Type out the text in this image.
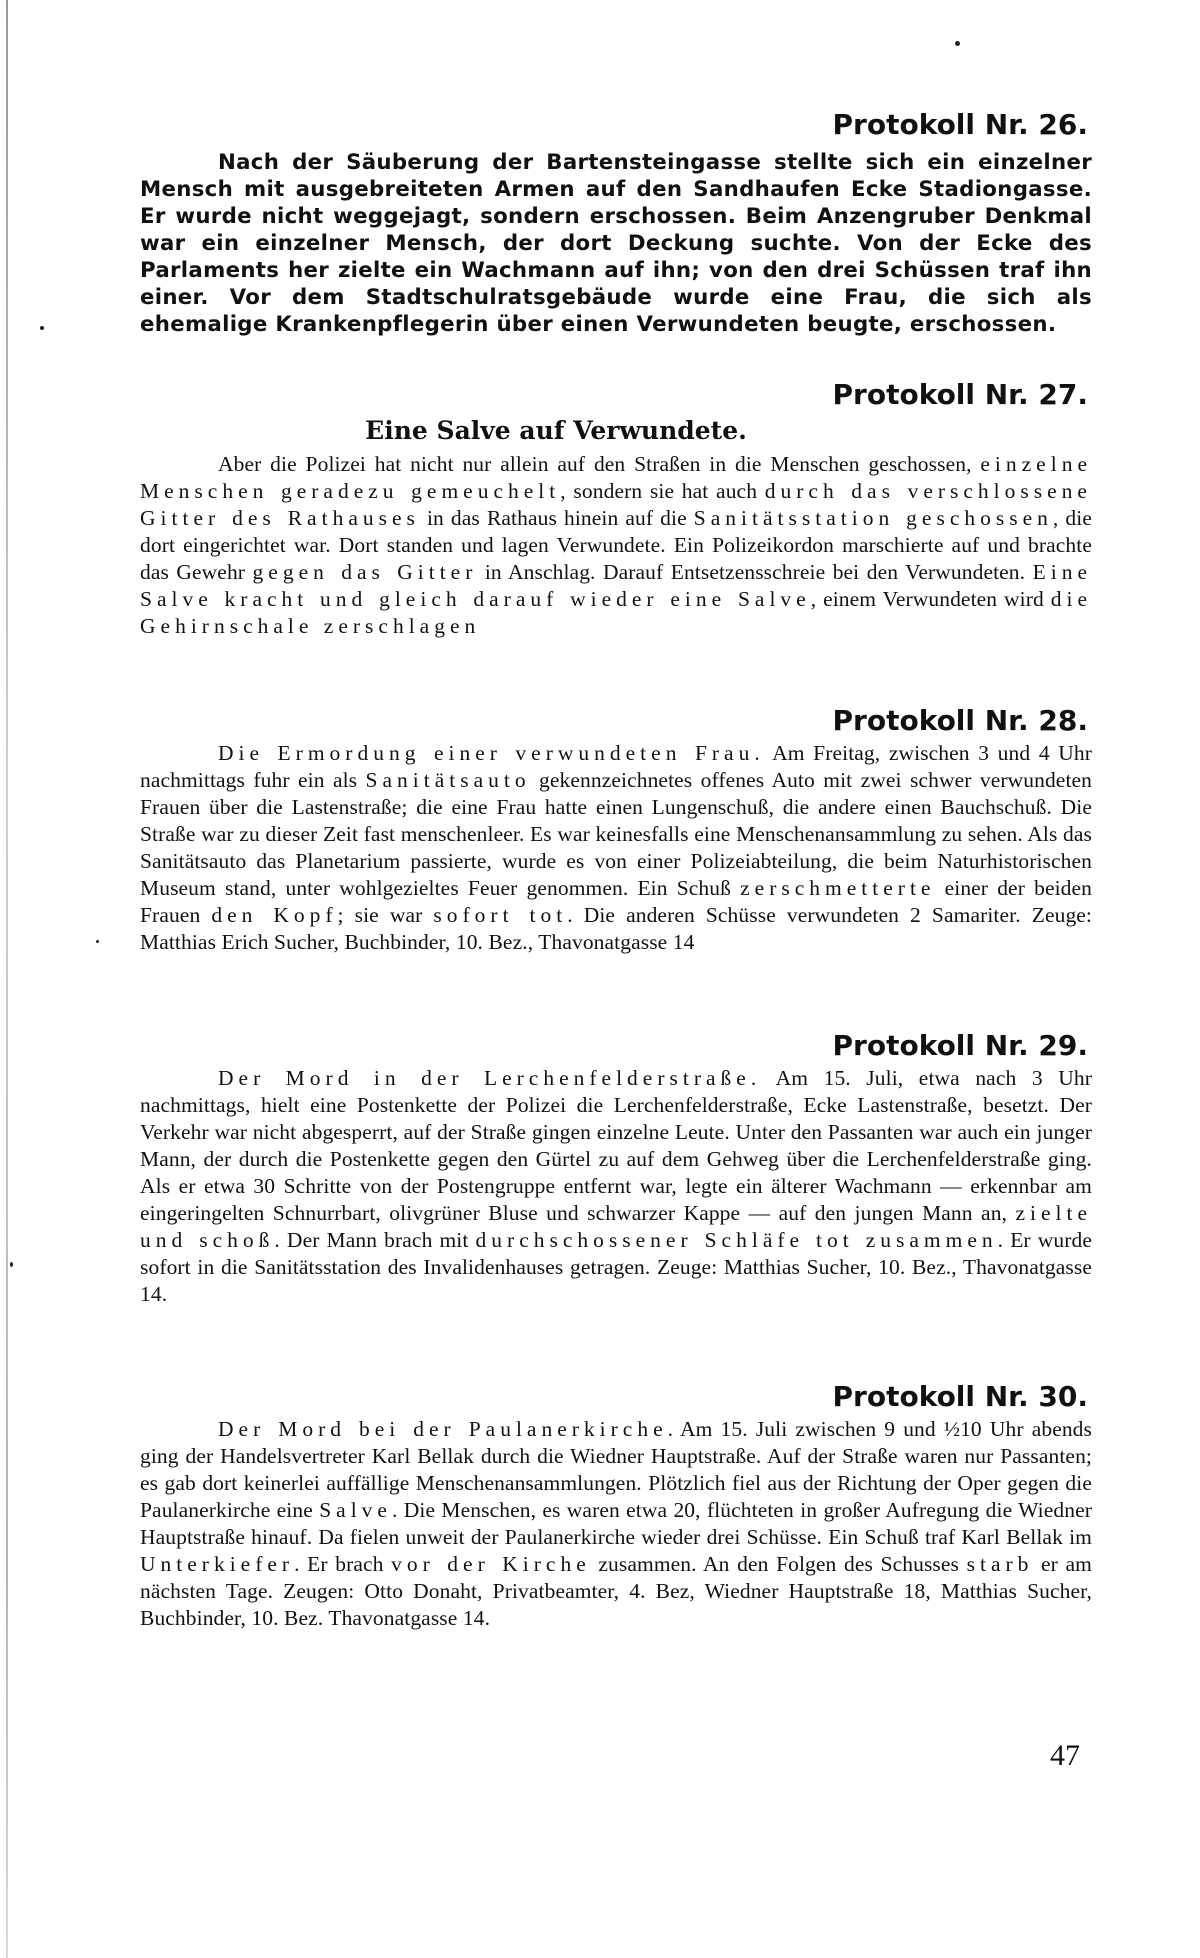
Protokoll Nr. 26.

Nach der Säuberung der Bartensteingasse stellte sich ein einzelner Mensch mit ausgebreiteten Armen auf den Sandhaufen Ecke Stadiongasse. Er wurde nicht weggejagt, sondern erschossen. Beim Anzengruber Denkmal war ein einzelner Mensch, der dort Deckung suchte. Von der Ecke des Parlaments her zielte ein Wachmann auf ihn; von den drei Schüssen traf ihn einer. Vor dem Stadtschulratsgebäude wurde eine Frau, die sich als ehemalige Krankenpflegerin über einen Verwundeten beugte, erschossen.

Protokoll Nr. 27.
Eine Salve auf Verwundete.

Aber die Polizei hat nicht nur allein auf den Straßen in die Menschen geschossen, einzelne Menschen geradezu gemeuchelt, sondern sie hat auch durch das verschlossene Gitter des Rathauses in das Rathaus hinein auf die Sanitätsstation geschossen, die dort eingerichtet war. Dort standen und lagen Verwundete. Ein Polizeikordon marschierte auf und brachte das Gewehr gegen das Gitter in Anschlag. Darauf Entsetzensschreie bei den Verwundeten. Eine Salve kracht und gleich darauf wieder eine Salve, einem Verwundeten wird die Gehirnschale zerschlagen

Protokoll Nr. 28.

Die Ermordung einer verwundeten Frau. Am Freitag, zwischen 3 und 4 Uhr nachmittags fuhr ein als Sanitätsauto gekennzeichnetes offenes Auto mit zwei schwer verwundeten Frauen über die Lastenstraße; die eine Frau hatte einen Lungenschuß, die andere einen Bauchschuß. Die Straße war zu dieser Zeit fast menschenleer. Es war keinesfalls eine Menschenansammlung zu sehen. Als das Sanitätsauto das Planetarium passierte, wurde es von einer Polizeiabteilung, die beim Naturhistorischen Museum stand, unter wohlgezieltes Feuer genommen. Ein Schuß zerschmetterte einer der beiden Frauen den Kopf; sie war sofort tot. Die anderen Schüsse verwundeten 2 Samariter. Zeuge: Matthias Erich Sucher, Buchbinder, 10. Bez., Thavonatgasse 14

Protokoll Nr. 29.

Der Mord in der Lerchenfelderstraße. Am 15. Juli, etwa nach 3 Uhr nachmittags, hielt eine Postenkette der Polizei die Lerchenfelderstraße, Ecke Lastenstraße, besetzt. Der Verkehr war nicht abgesperrt, auf der Straße gingen einzelne Leute. Unter den Passanten war auch ein junger Mann, der durch die Postenkette gegen den Gürtel zu auf dem Gehweg über die Lerchenfelderstraße ging. Als er etwa 30 Schritte von der Postengruppe entfernt war, legte ein älterer Wachmann — erkennbar am eingeringelten Schnurrbart, olivgrüner Bluse und schwarzer Kappe — auf den jungen Mann an, zielte und schoß. Der Mann brach mit durchschossener Schläfe tot zusammen. Er wurde sofort in die Sanitätsstation des Invalidenhauses getragen. Zeuge: Matthias Sucher, 10. Bez., Thavonatgasse 14.

Protokoll Nr. 30.

Der Mord bei der Paulanerkirche. Am 15. Juli zwischen 9 und ½10 Uhr abends ging der Handelsvertreter Karl Bellak durch die Wiedner Hauptstraße. Auf der Straße waren nur Passanten; es gab dort keinerlei auffällige Menschenansammlungen. Plötzlich fiel aus der Richtung der Oper gegen die Paulanerkirche eine Salve. Die Menschen, es waren etwa 20, flüchteten in großer Aufregung die Wiedner Hauptstraße hinauf. Da fielen unweit der Paulanerkirche wieder drei Schüsse. Ein Schuß traf Karl Bellak im Unterkiefer. Er brach vor der Kirche zusammen. An den Folgen des Schusses starb er am nächsten Tage. Zeugen: Otto Donaht, Privatbeamter, 4. Bez, Wiedner Hauptstraße 18, Matthias Sucher, Buchbinder, 10. Bez. Thavonatgasse 14.

47
